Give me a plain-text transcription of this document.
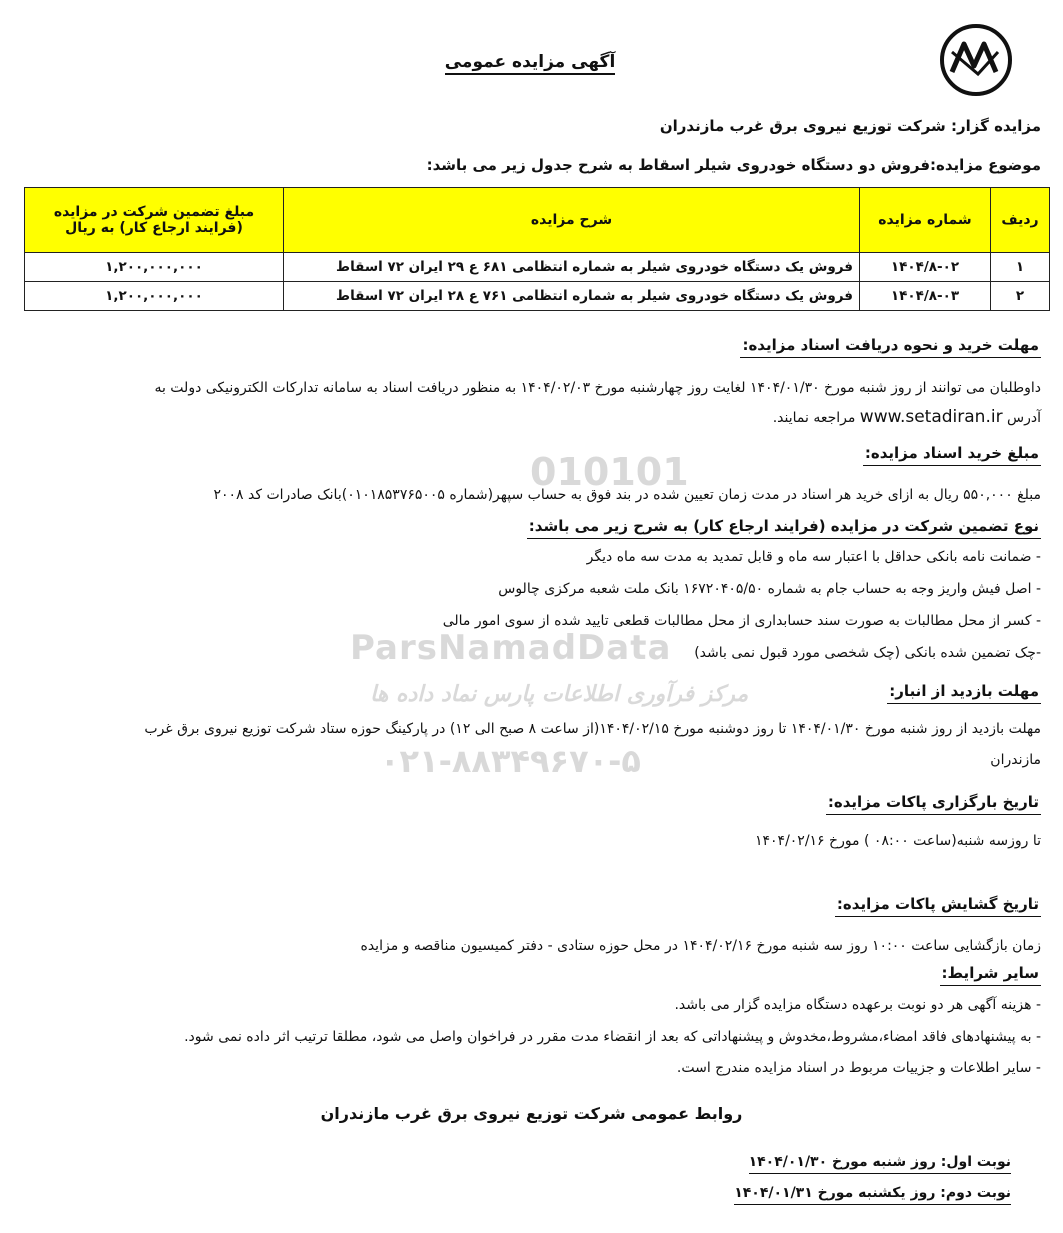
010101
ParsNamadData
مرکز فرآوری اطلاعات پارس نماد داده ها
۰۲۱-۸۸۳۴۹۶۷۰-۵
آگهی مزایده عمومی
مزایده گزار: شرکت توزیع نیروی برق غرب مازندران
موضوع مزایده:فروش دو دستگاه خودروی شیلر اسقاط به شرح جدول زیر می باشد:
ردیف	شماره مزایده	شرح مزایده	مبلغ تضمین شرکت در مزایده (فرایند ارجاع کار) به ریال
۱	۱۴۰۴/۸-۰۲	فروش یک دستگاه خودروی شیلر به شماره انتظامی ۶۸۱ ع ۲۹ ایران ۷۲ اسقاط	۱,۲۰۰,۰۰۰,۰۰۰
۲	۱۴۰۴/۸-۰۳	فروش یک دستگاه خودروی شیلر به شماره انتظامی ۷۶۱ ع ۲۸ ایران ۷۲ اسقاط	۱,۲۰۰,۰۰۰,۰۰۰
مهلت خرید و نحوه دریافت اسناد مزایده:
داوطلبان می توانند از روز شنبه مورخ ۱۴۰۴/۰۱/۳۰ لغایت روز چهارشنبه مورخ ۱۴۰۴/۰۲/۰۳ به منظور دریافت اسناد به سامانه تدارکات الکترونیکی دولت به
آدرس www.setadiran.ir مراجعه نمایند.
مبلغ خرید اسناد مزایده:
مبلغ ۵۵۰,۰۰۰ ریال به ازای خرید هر اسناد در مدت زمان تعیین شده در بند فوق به حساب سپهر(شماره ۰۱۰۱۸۵۳۷۶۵۰۰۵)بانک صادرات کد ۲۰۰۸
نوع تضمین شرکت در مزایده (فرایند ارجاع کار) به شرح زیر می باشد:
- ضمانت نامه بانکی حداقل با اعتبار سه ماه و قابل تمدید به مدت سه ماه دیگر
- اصل فیش واریز وجه به حساب جام به شماره ۱۶۷۲۰۴۰۵/۵۰ بانک ملت شعبه مرکزی چالوس
- کسر از محل مطالبات به صورت سند حسابداری از محل مطالبات قطعی تایید شده از سوی امور مالی
-چک تضمین شده بانکی (چک شخصی مورد قبول نمی باشد)
مهلت بازدید از انبار:
مهلت بازدید از روز شنبه مورخ ۱۴۰۴/۰۱/۳۰ تا روز دوشنبه مورخ ۱۴۰۴/۰۲/۱۵(از ساعت ۸ صبح الی ۱۲) در پارکینگ حوزه ستاد شرکت توزیع نیروی برق غرب
مازندران
تاریخ بارگزاری پاکات مزایده:
تا روزسه شنبه(ساعت ۰۸:۰۰ ) مورخ ۱۴۰۴/۰۲/۱۶
تاریخ گشایش پاکات مزایده:
زمان بازگشایی ساعت ۱۰:۰۰ روز سه شنبه مورخ ۱۴۰۴/۰۲/۱۶ در محل حوزه ستادی - دفتر کمیسیون مناقصه و مزایده
سایر شرایط:
- هزینه آگهی هر دو نوبت برعهده دستگاه مزایده گزار می باشد.
- به پیشنهادهای فاقد امضاء،مشروط،مخدوش و پیشنهاداتی که بعد از انقضاء مدت مقرر در فراخوان واصل می شود، مطلقا ترتیب اثر داده نمی شود.
- سایر اطلاعات و جزییات مربوط در اسناد مزایده مندرج است.
روابط عمومی شرکت توزیع نیروی برق غرب مازندران
نوبت اول: روز شنبه مورخ ۱۴۰۴/۰۱/۳۰
نوبت دوم: روز یکشنبه مورخ ۱۴۰۴/۰۱/۳۱
